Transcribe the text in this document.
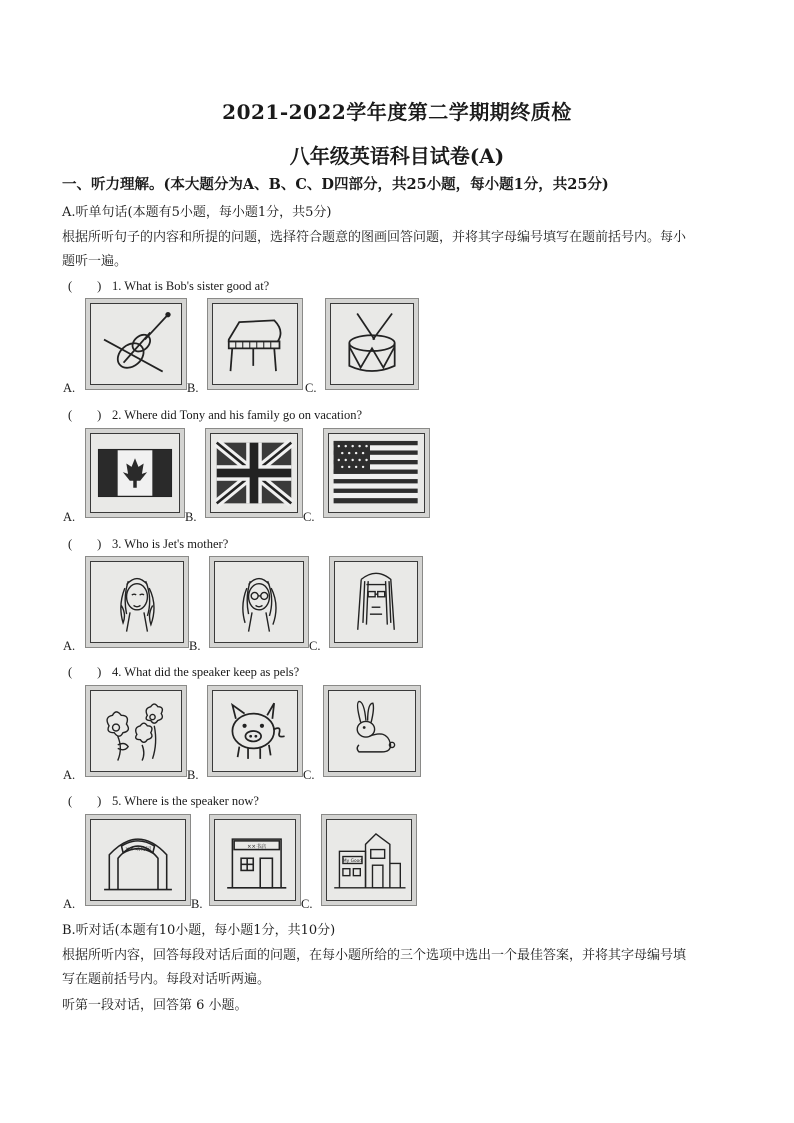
2021-2022学年度第二学期期终质检
八年级英语科目试卷(A)
一、听力理解。(本大题分为A、B、C、D四部分，共25小题，每小题1分，共25分)
A.听单句话(本题有5小题，每小题1分，共5分)
根据所听句子的内容和所提的问题，选择符合题意的图画回答问题，并将其字母编号填写在题前括号内。每小
题听一遍。
(　　) 1. What is Bob's sister good at?
A.	B.	C.
(　　) 2. Where did Tony and his family go on vacation?
A.	B.	C.
(　　) 3. Who is Jet's mother?
A.	B.	C.
(　　) 4. What did the speaker keep as pels?
A.	B.	C.
(　　) 5. Where is the speaker now?
A.
×× 动物园
B.
××书店
C.
My Good
B.听对话(本题有10小题，每小题1分，共10分)
根据所听内容，回答每段对话后面的问题，在每小题所给的三个选项中选出一个最佳答案，并将其字母编号填
写在题前括号内。每段对话听两遍。
听第一段对话，回答第 6 小题。
